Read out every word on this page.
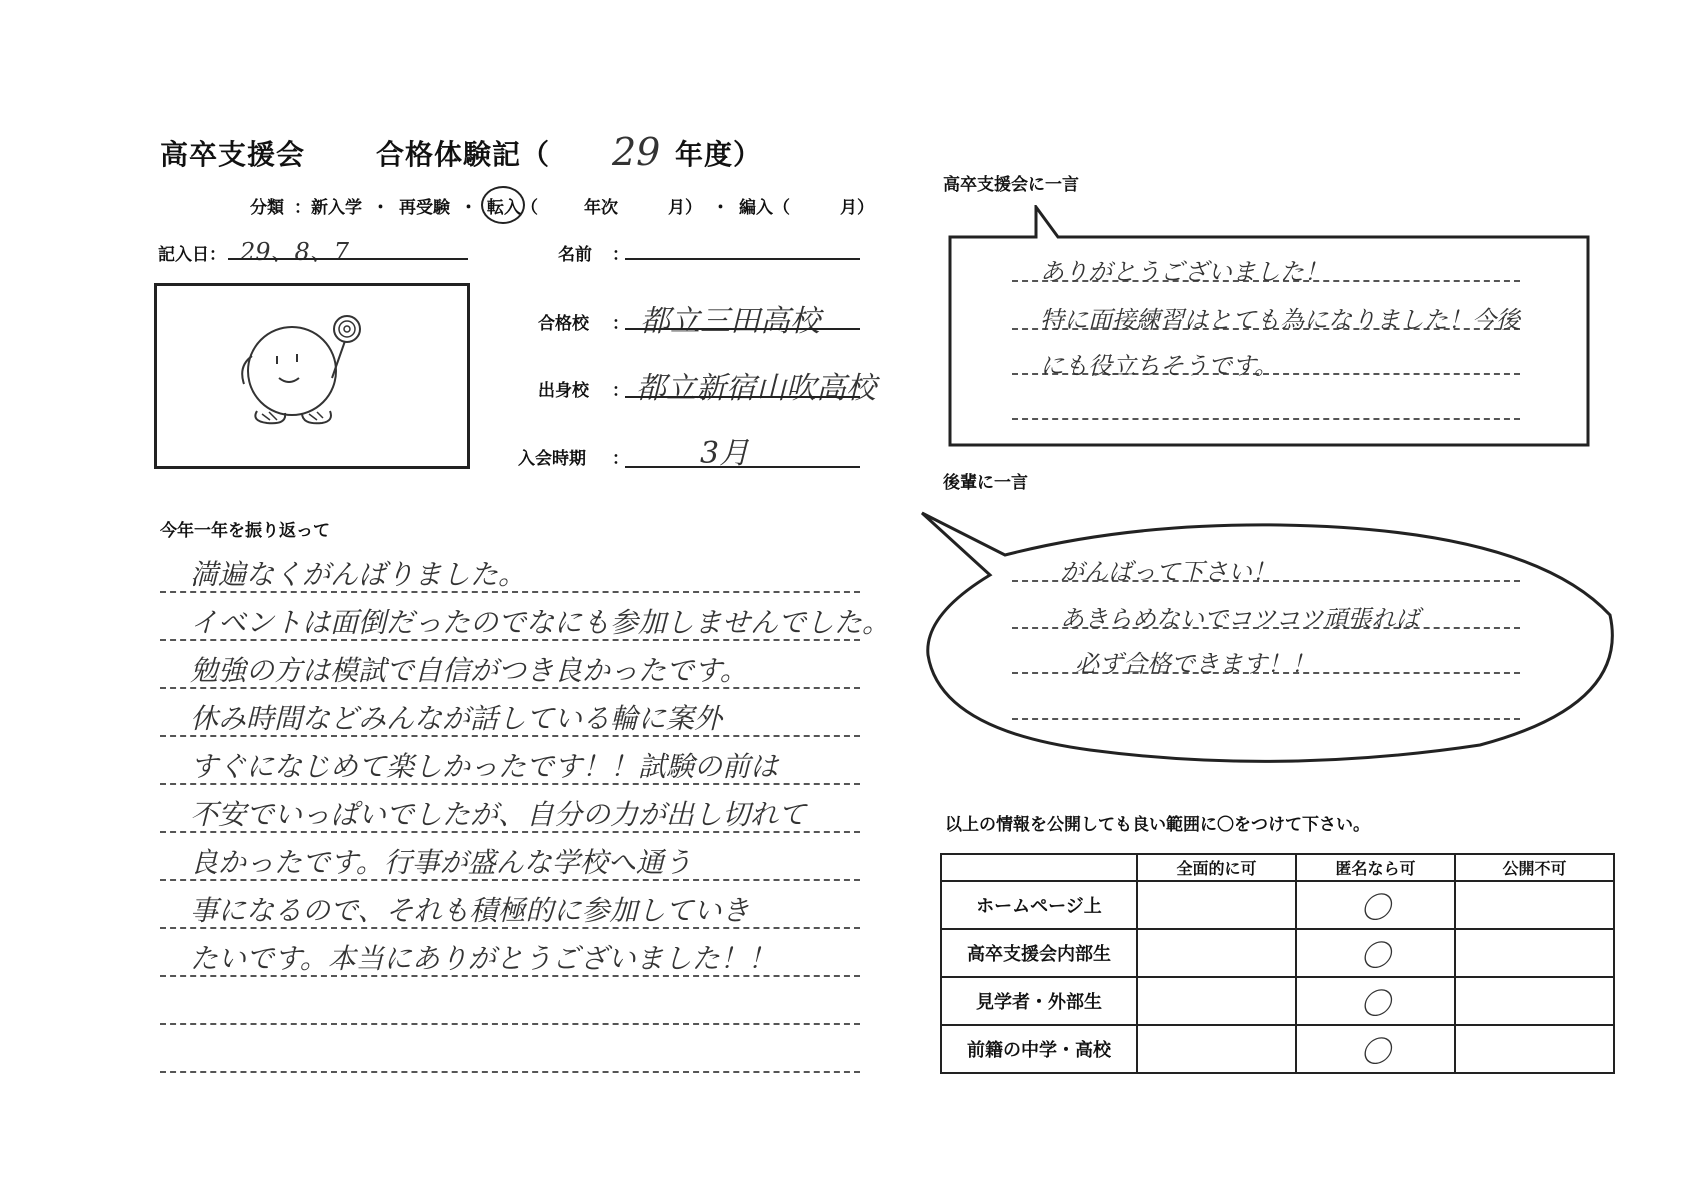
高卒支援会	合格体験記（ 29 年度）
分類 ：新入学 ・ 再受験 ・ 転入（	年次	月） ・ 編入（	月）
記入日： 29、8、7	名前 ：
合格校 ： 都立三田高校
出身校 ： 都立新宿山吹高校
入会時期 ： 3月
高卒支援会に一言
ありがとうございました！
特に面接練習はとても為になりました！今後にも役立ちそうです。
後輩に一言
がんばって下さい！
あきらめないでコツコツ頑張れば
必ず合格できます！！
今年一年を振り返って
満遍なくがんばりました。
イベントは面倒だったのでなにも参加しませんでした。
勉強の方は模試で自信がつき良かったです。
休み時間などみんなが話している輪に案外
すぐになじめて楽しかったです！！試験の前は
不安でいっぱいでしたが、自分の力が出し切れて
良かったです。行事が盛んな学校へ通う
事になるので、それも積極的に参加していき
たいです。本当にありがとうございました！！
以上の情報を公開しても良い範囲に〇をつけて下さい。
	全面的に可	匿名なら可	公開不可
ホームページ上		〇	
高卒支援会内部生		〇	
見学者・外部生		〇	
前籍の中学・高校		〇	
